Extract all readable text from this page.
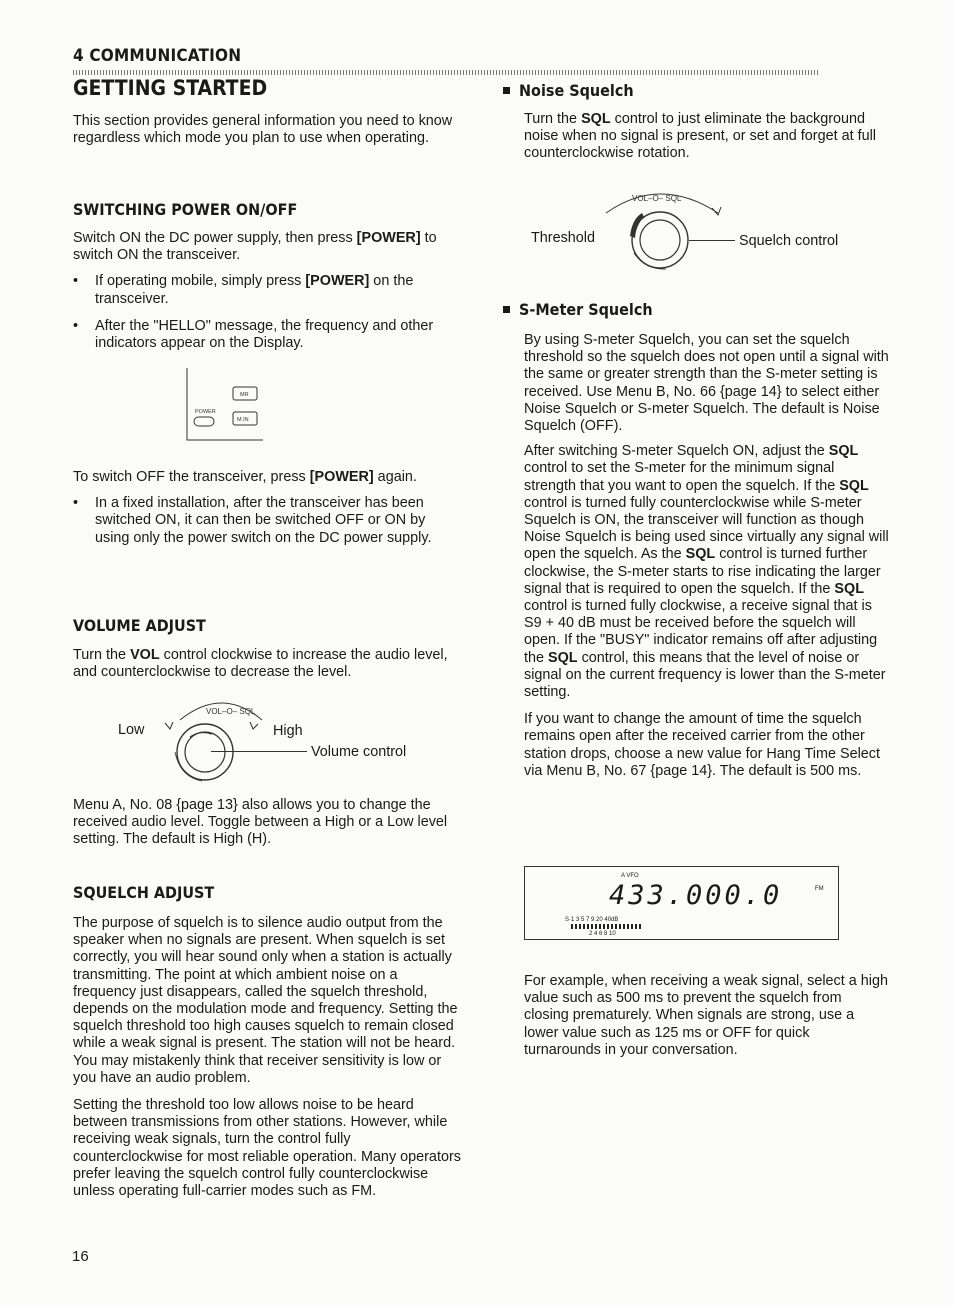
4 COMMUNICATION
GETTING STARTED

This section provides general information you need to know regardless which mode you plan to use when operating.

SWITCHING POWER ON/OFF

Switch ON the DC power supply, then press [POWER] to switch ON the transceiver.

• If operating mobile, simply press [POWER] on the transceiver.

• After the "HELLO" message, the frequency and other indicators appear on the Display.

POWER
MR
M.IN

To switch OFF the transceiver, press [POWER] again.

• In a fixed installation, after the transceiver has been switched ON, it can then be switched OFF or ON by using only the power switch on the DC power supply.

VOLUME ADJUST

Turn the VOL control clockwise to increase the audio level, and counterclockwise to decrease the level.

VOL–O– SQL
Low	High
Volume control

Menu A, No. 08 {page 13} also allows you to change the received audio level. Toggle between a High or a Low level setting. The default is High (H).

SQUELCH ADJUST

The purpose of squelch is to silence audio output from the speaker when no signals are present. When squelch is set correctly, you will hear sound only when a station is actually transmitting. The point at which ambient noise on a frequency just disappears, called the squelch threshold, depends on the modulation mode and frequency. Setting the squelch threshold too high causes squelch to remain closed while a weak signal is present. The station will not be heard. You may mistakenly think that receiver sensitivity is low or you have an audio problem.

Setting the threshold too low allows noise to be heard between transmissions from other stations. However, while receiving weak signals, turn the control fully counterclockwise for most reliable operation. Many operators prefer leaving the squelch control fully counterclockwise unless operating full-carrier modes such as FM.

16
Noise Squelch

Turn the SQL control to just eliminate the background noise when no signal is present, or set and forget at full counterclockwise rotation.

VOL–O– SQL
Threshold	Squelch control
S-Meter Squelch

By using S-meter Squelch, you can set the squelch threshold so the squelch does not open until a signal with the same or greater strength than the S-meter setting is received. Use Menu B, No. 66 {page 14} to select either Noise Squelch or S-meter Squelch. The default is Noise Squelch (OFF).

After switching S-meter Squelch ON, adjust the SQL control to set the S-meter for the minimum signal strength that you want to open the squelch. If the SQL control is turned fully counterclockwise while S-meter Squelch is ON, the transceiver will function as though Noise Squelch is being used since virtually any signal will open the squelch. As the SQL control is turned further clockwise, the S-meter starts to rise indicating the larger signal that is required to open the squelch. If the SQL control is turned fully clockwise, a receive signal that is S9 + 40 dB must be received before the squelch will open. If the "BUSY" indicator remains off after adjusting the SQL control, this means that the level of noise or signal on the current frequency is lower than the S-meter setting.

If you want to change the amount of time the squelch remains open after the received carrier from the other station drops, choose a new value for Hang Time Select via Menu B, No. 67 {page 14}. The default is 500 ms.

A VFO
433.000.0	FM
S·1 3 5 7 9 20 40dB
2 4 6 8 10

For example, when receiving a weak signal, select a high value such as 500 ms to prevent the squelch from closing prematurely. When signals are strong, use a lower value such as 125 ms or OFF for quick turnarounds in your conversation.
